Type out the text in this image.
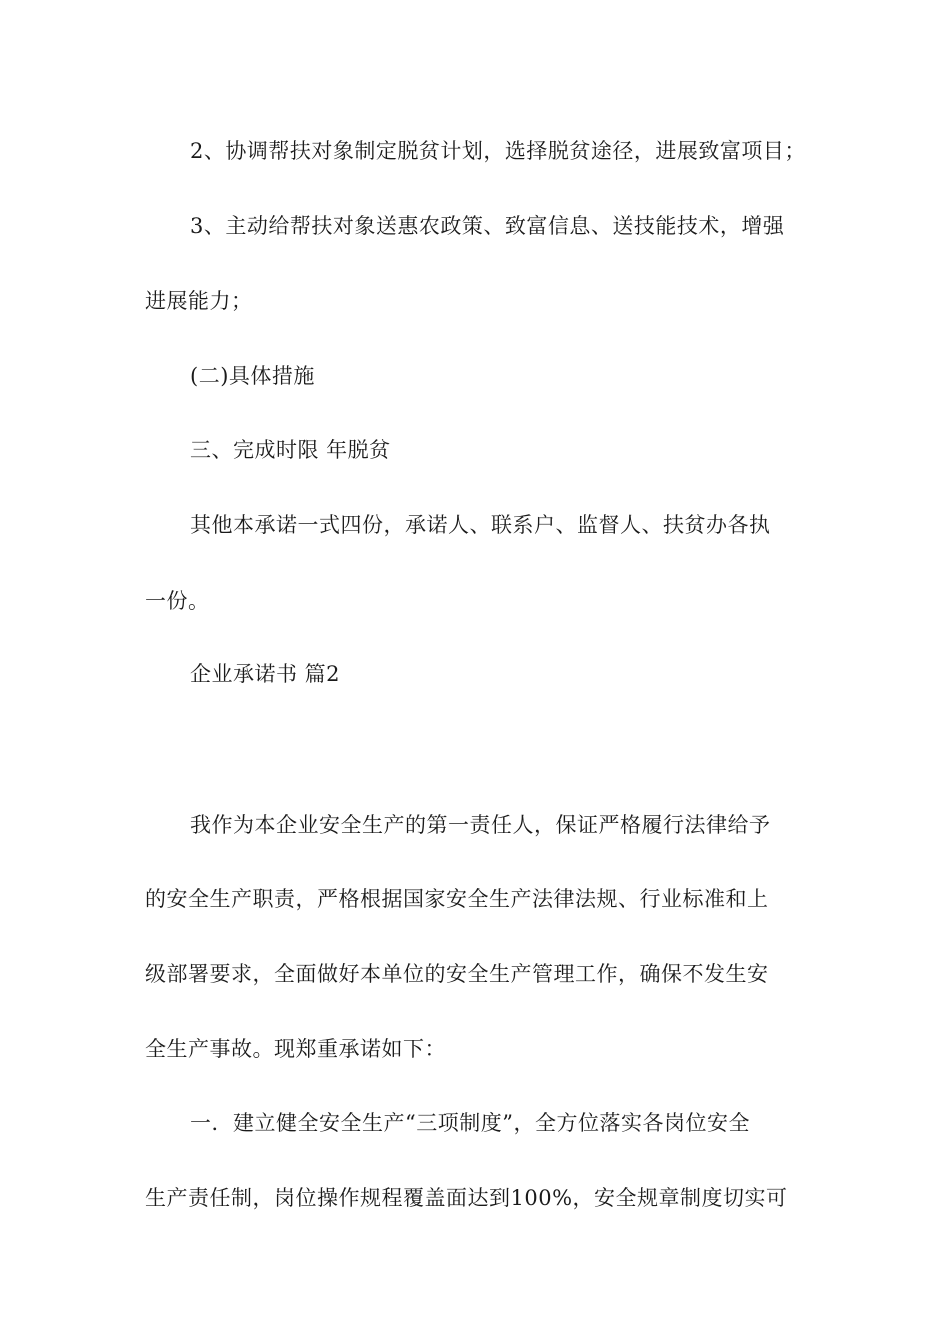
2、协调帮扶对象制定脱贫计划，选择脱贫途径，进展致富项目；
3、主动给帮扶对象送惠农政策、致富信息、送技能技术，增强
进展能力；
(二)具体措施
三、完成时限 年脱贫
其他本承诺一式四份，承诺人、联系户、监督人、扶贫办各执
一份。
企业承诺书 篇2
我作为本企业安全生产的第一责任人，保证严格履行法律给予
的安全生产职责，严格根据国家安全生产法律法规、行业标准和上
级部署要求，全面做好本单位的安全生产管理工作，确保不发生安
全生产事故。现郑重承诺如下：
一．建立健全安全生产“三项制度”，全方位落实各岗位安全
生产责任制，岗位操作规程覆盖面达到100%，安全规章制度切实可
